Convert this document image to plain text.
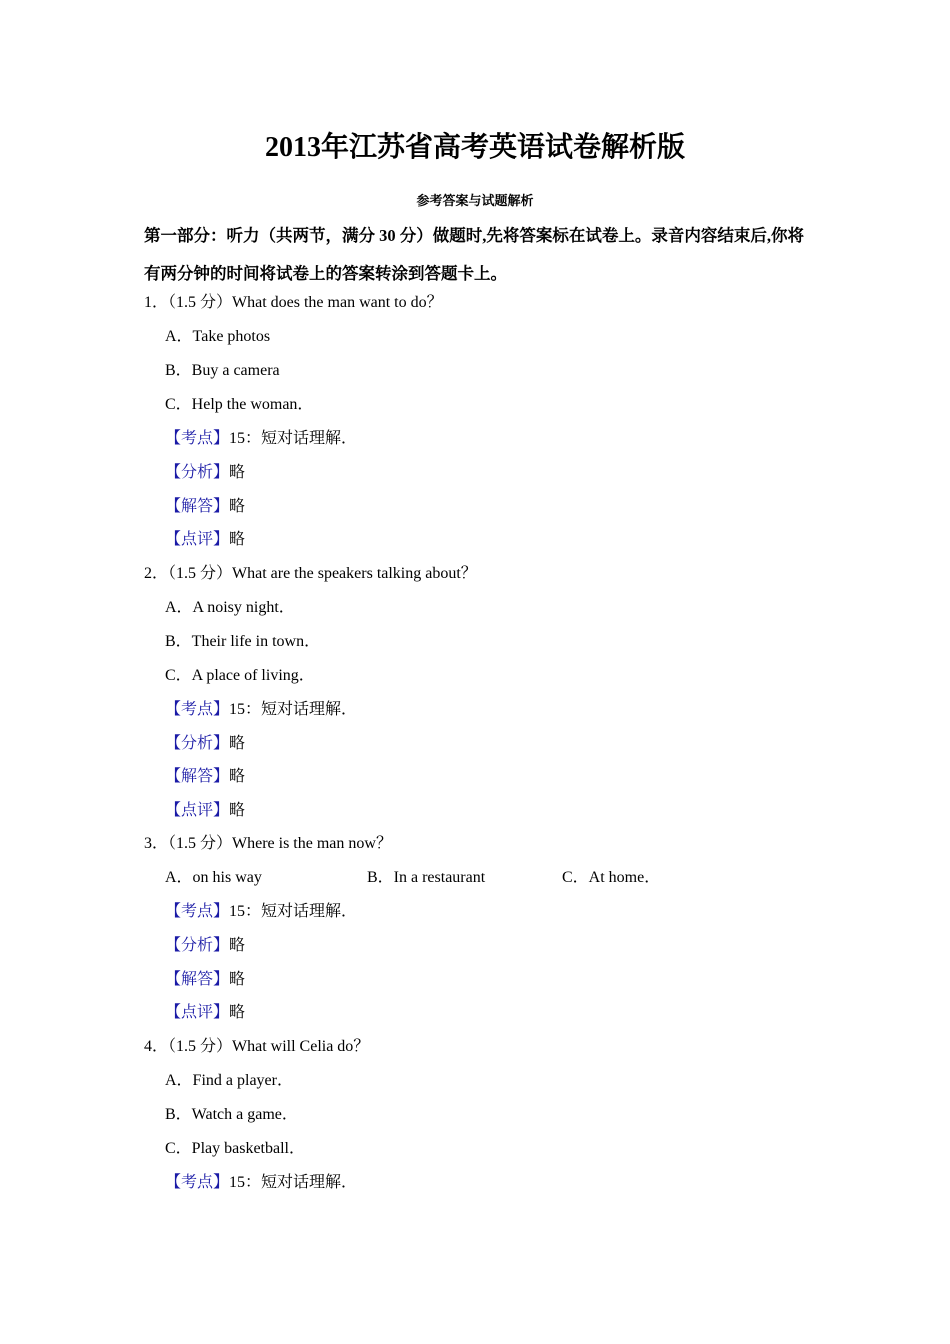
2013年江苏省高考英语试卷解析版
参考答案与试题解析
第一部分：听力（共两节，满分 30 分）做题时,先将答案标在试卷上。录音内容结束后,你将有两分钟的时间将试卷上的答案转涂到答题卡上。
1．（1.5 分）What does the man want to do？
A．Take photos
B．Buy a camera
C．Help the woman．
【考点】15：短对话理解．
【分析】略
【解答】略
【点评】略
2．（1.5 分）What are the speakers talking about？
A．A noisy night．
B．Their life in town．
C．A place of living．
【考点】15：短对话理解．
【分析】略
【解答】略
【点评】略
3．（1.5 分）Where is the man now？
A．on his way	B．In a restaurant	C．At home．
【考点】15：短对话理解．
【分析】略
【解答】略
【点评】略
4．（1.5 分）What will Celia do？
A．Find a player．
B．Watch a game．
C．Play basketball．
【考点】15：短对话理解．
